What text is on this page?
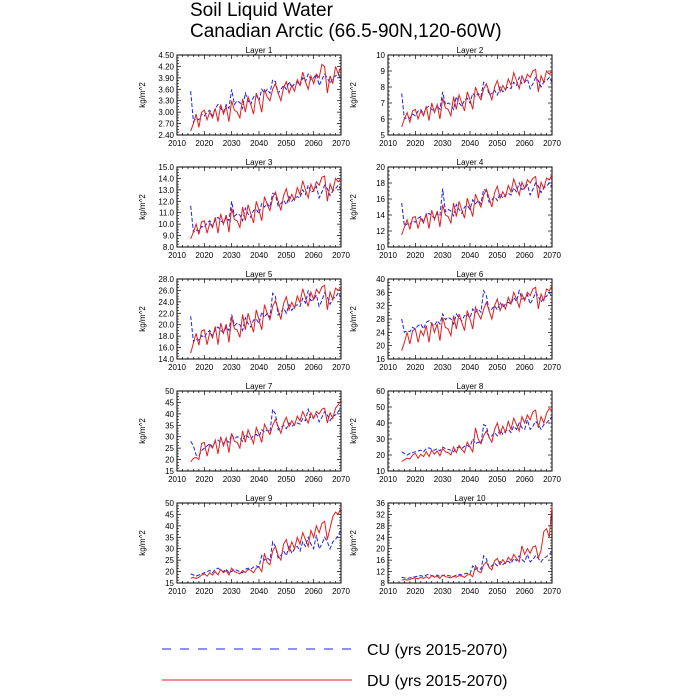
Soil Liquid Water
Canadian Arctic (66.5-90N,120-60W)
Layer 1
kg/m^2
2010 2020 2030 2040 2050 2060 2070
2.40
2.70
3.00
3.30
3.60
3.90
4.20
4.50
Layer 2
kg/m^2
2010 2020 2030 2040 2050 2060 2070
5
6
7
8
9
10
Layer 3
kg/m^2
2010 2020 2030 2040 2050 2060 2070
8.0
9.0
10.0
11.0
12.0
13.0
14.0
15.0
Layer 4
kg/m^2
2010 2020 2030 2040 2050 2060 2070
10
12
14
16
18
20
Layer 5
kg/m^2
2010 2020 2030 2040 2050 2060 2070
14.0
16.0
18.0
20.0
22.0
24.0
26.0
28.0
Layer 6
kg/m^2
2010 2020 2030 2040 2050 2060 2070
16
20
24
28
32
36
40
Layer 7
kg/m^2
2010 2020 2030 2040 2050 2060 2070
15
20
25
30
35
40
45
50
Layer 8
kg/m^2
2010 2020 2030 2040 2050 2060 2070
10
20
30
40
50
60
Layer 9
kg/m^2
2010 2020 2030 2040 2050 2060 2070
15
20
25
30
35
40
45
50
Layer 10
kg/m^2
2010 2020 2030 2040 2050 2060 2070
8
12
16
20
24
28
32
36
CU (yrs 2015-2070)
DU (yrs 2015-2070)
